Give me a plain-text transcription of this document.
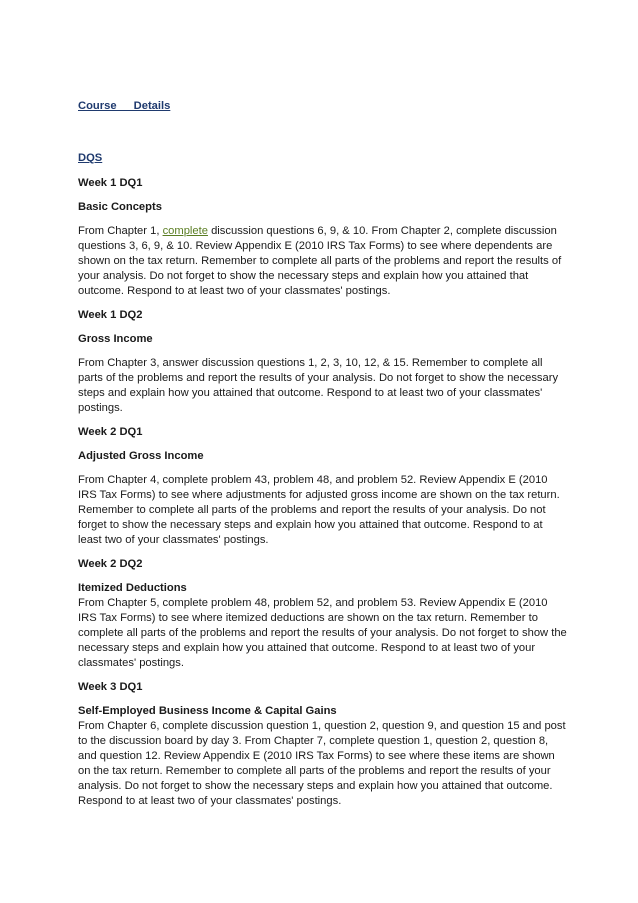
Course Details
DQS
Week 1 DQ1
Basic Concepts
From Chapter 1, complete discussion questions 6, 9, & 10. From Chapter 2, complete discussion questions 3, 6, 9, & 10. Review Appendix E (2010 IRS Tax Forms) to see where dependents are shown on the tax return. Remember to complete all parts of the problems and report the results of your analysis. Do not forget to show the necessary steps and explain how you attained that outcome. Respond to at least two of your classmates' postings.
Week 1 DQ2
Gross Income
From Chapter 3, answer discussion questions 1, 2, 3, 10, 12, & 15. Remember to complete all parts of the problems and report the results of your analysis. Do not forget to show the necessary steps and explain how you attained that outcome. Respond to at least two of your classmates' postings.
Week 2 DQ1
Adjusted Gross Income
From Chapter 4, complete problem 43, problem 48, and problem 52. Review Appendix E (2010 IRS Tax Forms) to see where adjustments for adjusted gross income are shown on the tax return. Remember to complete all parts of the problems and report the results of your analysis. Do not forget to show the necessary steps and explain how you attained that outcome. Respond to at least two of your classmates' postings.
Week 2 DQ2
Itemized Deductions
From Chapter 5, complete problem 48, problem 52, and problem 53. Review Appendix E (2010 IRS Tax Forms) to see where itemized deductions are shown on the tax return. Remember to complete all parts of the problems and report the results of your analysis. Do not forget to show the necessary steps and explain how you attained that outcome. Respond to at least two of your classmates' postings.
Week 3 DQ1
Self-Employed Business Income & Capital Gains
From Chapter 6, complete discussion question 1, question 2, question 9, and question 15 and post to the discussion board by day 3. From Chapter 7, complete question 1, question 2, question 8, and question 12. Review Appendix E (2010 IRS Tax Forms) to see where these items are shown on the tax return. Remember to complete all parts of the problems and report the results of your analysis. Do not forget to show the necessary steps and explain how you attained that outcome. Respond to at least two of your classmates' postings.
